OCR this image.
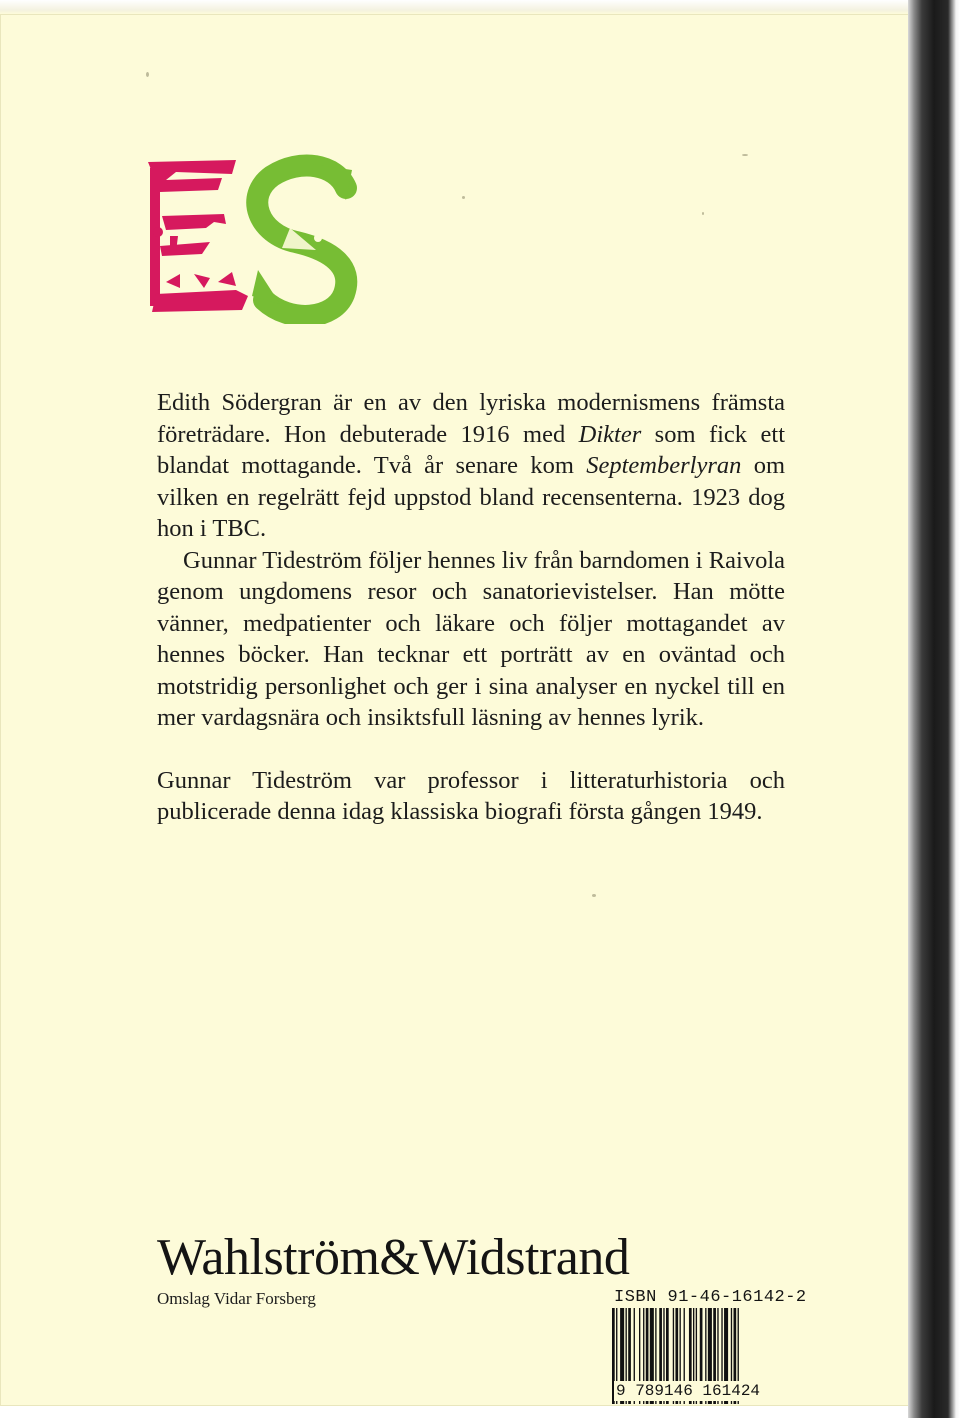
Edith Södergran är en av den lyriska modernismens främsta företrädare. Hon debuterade 1916 med Dikter som fick ett blandat mottagande. Två år senare kom Septemberlyran om vilken en regelrätt fejd uppstod bland recensenterna. 1923 dog hon i TBC.

Gunnar Tideström följer hennes liv från barndomen i Raivola genom ungdomens resor och sanatorievistelser. Han mötte vänner, medpatienter och läkare och följer mottagandet av hennes böcker. Han tecknar ett porträtt av en oväntad och motstridig personlighet och ger i sina analyser en nyckel till en mer vardagsnära och insiktsfull läsning av hennes lyrik.

Gunnar Tideström var professor i litteraturhistoria och publicerade denna idag klassiska biografi första gången 1949.

Wahlström&Widstrand
Omslag Vidar Forsberg	ISBN 91-46-16142-2
9 789146 161424
